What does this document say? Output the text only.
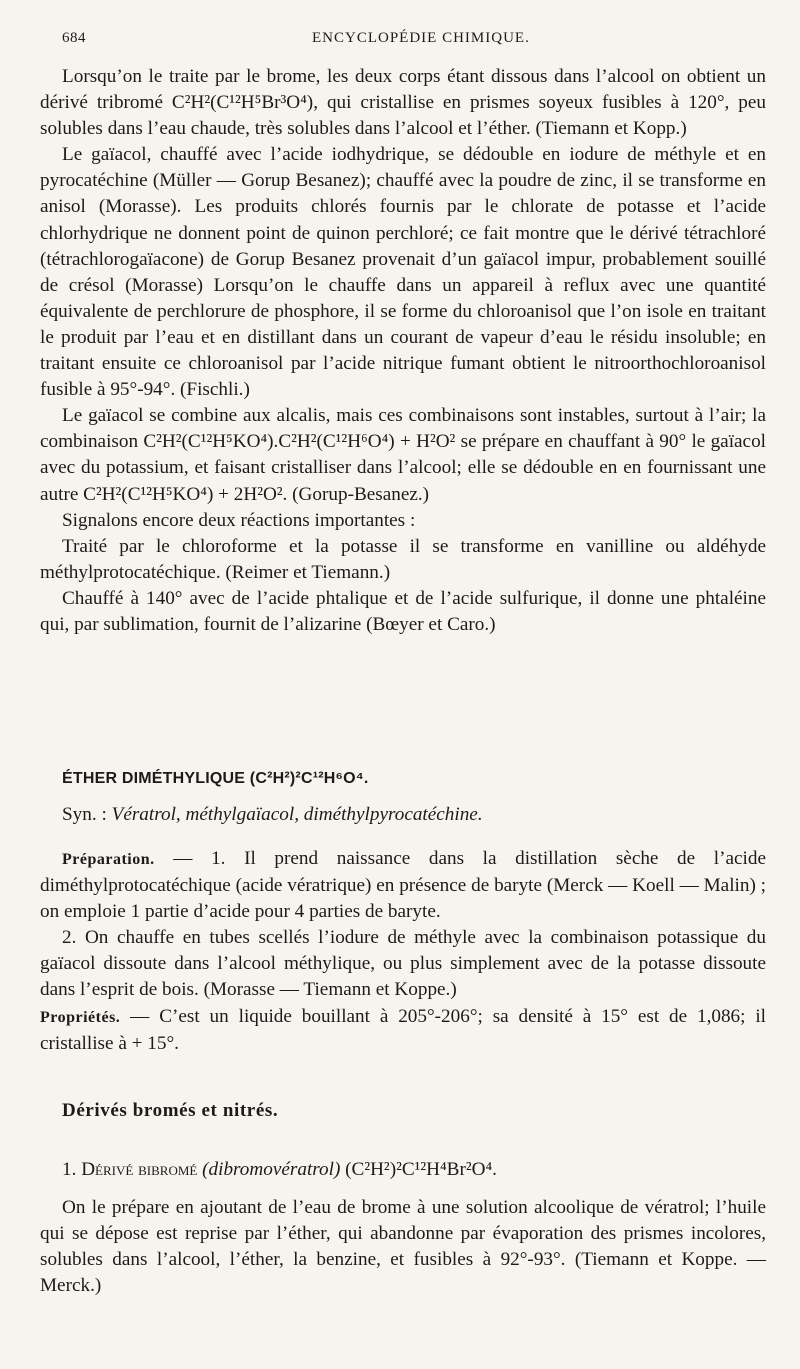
684	ENCYCLOPÉDIE CHIMIQUE.

Lorsqu’on le traite par le brome, les deux corps étant dissous dans l’alcool on obtient un dérivé tribromé C²H²(C¹²H⁵Br³O⁴), qui cristallise en prismes soyeux fusibles à 120°, peu solubles dans l’eau chaude, très solubles dans l’alcool et l’éther. (Tiemann et Kopp.)

Le gaïacol, chauffé avec l’acide iodhydrique, se dédouble en iodure de méthyle et en pyrocatéchine (Müller — Gorup Besanez); chauffé avec la poudre de zinc, il se transforme en anisol (Morasse). Les produits chlorés fournis par le chlorate de potasse et l’acide chlorhydrique ne donnent point de quinon perchloré; ce fait montre que le dérivé tétrachloré (tétrachlorogaïacone) de Gorup Besanez provenait d’un gaïacol impur, probablement souillé de crésol (Morasse) Lorsqu’on le chauffe dans un appareil à reflux avec une quantité équivalente de perchlorure de phosphore, il se forme du chloroanisol que l’on isole en traitant le produit par l’eau et en distillant dans un courant de vapeur d’eau le résidu insoluble; en traitant ensuite ce chloroanisol par l’acide nitrique fumant obtient le nitroorthochloroanisol fusible à 95°-94°. (Fischli.)

Le gaïacol se combine aux alcalis, mais ces combinaisons sont instables, surtout à l’air; la combinaison C²H²(C¹²H⁵KO⁴).C²H²(C¹²H⁶O⁴) + H²O² se prépare en chauffant à 90° le gaïacol avec du potassium, et faisant cristalliser dans l’alcool; elle se dédouble en en fournissant une autre C²H²(C¹²H⁵KO⁴) + 2H²O². (Gorup-Besanez.)

Signalons encore deux réactions importantes :

Traité par le chloroforme et la potasse il se transforme en vanilline ou aldéhyde méthylprotocatéchique. (Reimer et Tiemann.)

Chauffé à 140° avec de l’acide phtalique et de l’acide sulfurique, il donne une phtaléine qui, par sublimation, fournit de l’alizarine (Bœyer et Caro.)

ÉTHER DIMÉTHYLIQUE (C²H²)²C¹²H⁶O⁴.

Syn. : Vératrol, méthylgaïacol, diméthylpyrocatéchine.

Préparation. — 1. Il prend naissance dans la distillation sèche de l’acide diméthylprotocatéchique (acide vératrique) en présence de baryte (Merck — Koell — Malin) ; on emploie 1 partie d’acide pour 4 parties de baryte.

2. On chauffe en tubes scellés l’iodure de méthyle avec la combinaison potassique du gaïacol dissoute dans l’alcool méthylique, ou plus simplement avec de la potasse dissoute dans l’esprit de bois. (Morasse — Tiemann et Koppe.)

Propriétés. — C’est un liquide bouillant à 205°-206°; sa densité à 15° est de 1,086; il cristallise à + 15°.

Dérivés bromés et nitrés.

1. Dérivé bibromé (dibromovératrol) (C²H²)²C¹²H⁴Br²O⁴.

On le prépare en ajoutant de l’eau de brome à une solution alcoolique de vératrol; l’huile qui se dépose est reprise par l’éther, qui abandonne par évaporation des prismes incolores, solubles dans l’alcool, l’éther, la benzine, et fusibles à 92°-93°. (Tiemann et Koppe. — Merck.)
